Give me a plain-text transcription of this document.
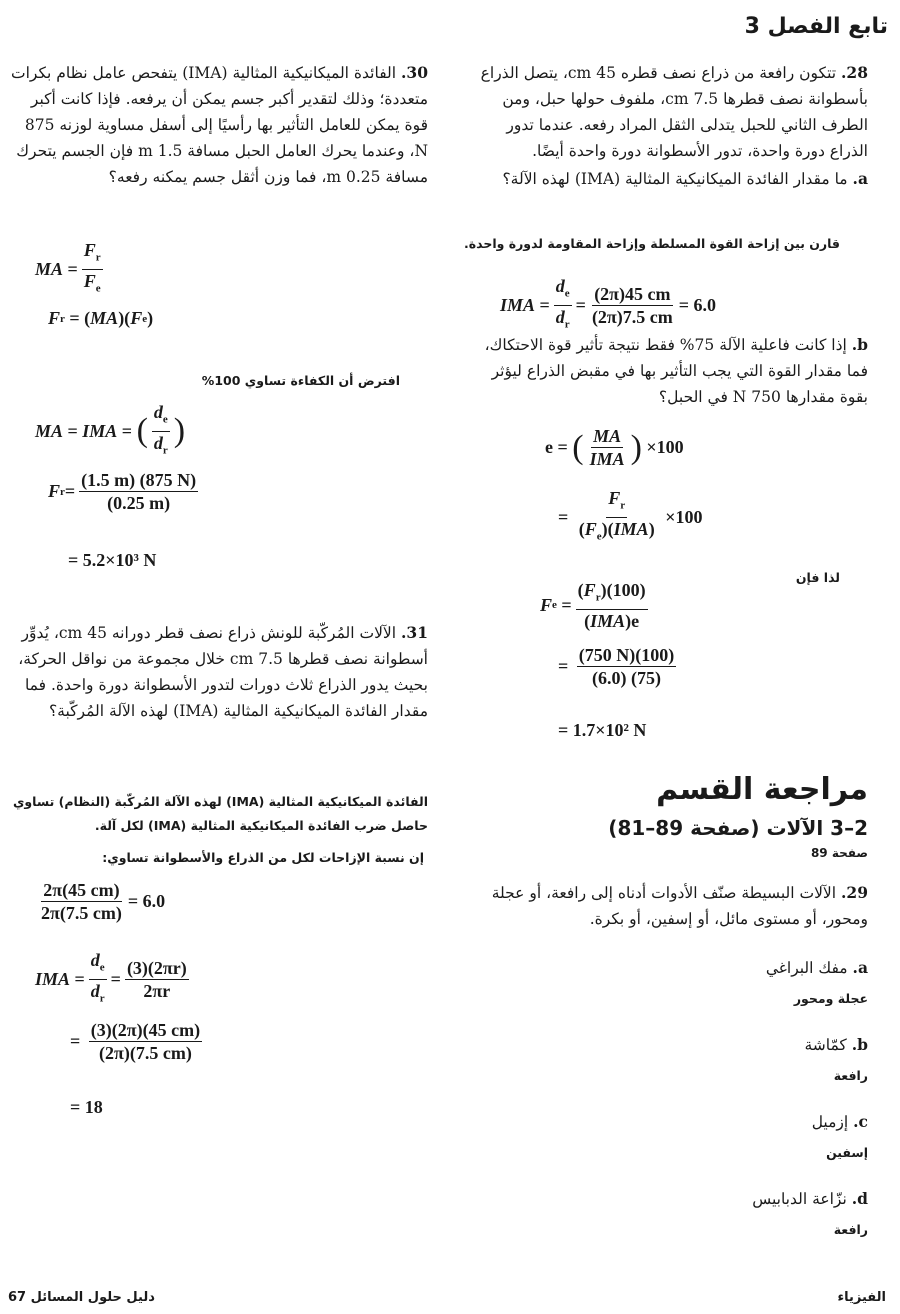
تابع الفصل 3
28. تتكون رافعة من ذراع نصف قطره 45 cm، يتصل الذراع بأسطوانة نصف قطرها 7.5 cm، ملفوف حولها حبل، ومن الطرف الثاني للحبل يتدلى الثقل المراد رفعه. عندما تدور الذراع دورة واحدة، تدور الأسطوانة دورة واحدة أيضًا.
a. ما مقدار الفائدة الميكانيكية المثالية (IMA) لهذه الآلة؟
قارن بين إزاحة القوة المسلطة وإزاحة المقاومة لدورة واحدة.
IMA = $\frac{d_e}{d_r} = \frac{(2\pi)45 cm}{(2\pi)7.5 cm} = 6.0$
b. إذا كانت فاعلية الآلة 75% فقط نتيجة تأثير قوة الاحتكاك، فما مقدار القوة التي يجب التأثير بها في مقبض الذراع ليؤثر بقوة مقدارها 750 N في الحبل؟
e = ( $\frac{MA}{\text{IMA}}$ )
×100
= $\frac{F_r}{(F_e)(IMA)} \times 100$
لذا فإن
F $e = \frac{(F_r)(100)}{\text{(IMA)e}}$
= $\frac{(750 N)(100)}{(6.0) (75)}$
= 1.7×10² N
مراجعة القسم
2–3 الآلات (صفحة 89–81)
صفحة 89
29. الآلات البسيطة صنّف الأدوات أدناه إلى رافعة، أو عجلة ومحور، أو مستوى مائل، أو إسفين، أو بكرة.
a. مفك البراغي
عجلة ومحور
b. كمّاشة
رافعة
c. إزميل
إسفين
d. نزّاعة الدبابيس
رافعة
30. الفائدة الميكانيكية المثالية (IMA) يتفحص عامل نظام بكرات متعددة؛ وذلك لتقدير أكبر جسم يمكن أن يرفعه. فإذا كانت أكبر قوة يمكن للعامل التأثير بها رأسيًا إلى أسفل مساوية لوزنه 875 N، وعندما يحرك العامل الحبل مسافة 1.5 m فإن الجسم يتحرك مسافة 0.25 m، فما وزن أثقل جسم يمكنه رفعه؟
MA = $\frac{F_r}{F_e}$
F r = ( MA )( F e )
افترض أن الكفاءة تساوي 100%
MA = IMA = ( $\frac{d_e}{d_r}$ )
F $r = \frac{(1.5 m) (875 N)}{(0.25 m)}$
= 5.2×10³ N
31. الآلات المُركّبة للونش ذراع نصف قطر دورانه 45 cm، يُدوِّر أسطوانة نصف قطرها 7.5 cm خلال مجموعة من نواقل الحركة، بحيث يدور الذراع ثلاث دورات لتدور الأسطوانة دورة واحدة. فما مقدار الفائدة الميكانيكية المثالية (IMA) لهذه الآلة المُركّبة؟
الفائدة الميكانيكية المثالية (IMA) لهذه الآلة المُركّبة (النظام) تساوي حاصل ضرب الفائدة الميكانيكية المثالية (IMA) لكل آلة.
إن نسبة الإزاحات لكل من الذراع والأسطوانة تساوي:
$\frac{2\pi(45 cm)}{2\pi(7.5 cm)} = 6.0$
IMA = $\frac{d_e}{d_r} = \frac{(3)(2\pi r)}{2\pi r}$
= $\frac{(3)(2\pi)(45 cm)}{(2\pi)(7.5 cm)}$
= 18
دليل حلول المسائل 67	الفيزياء
